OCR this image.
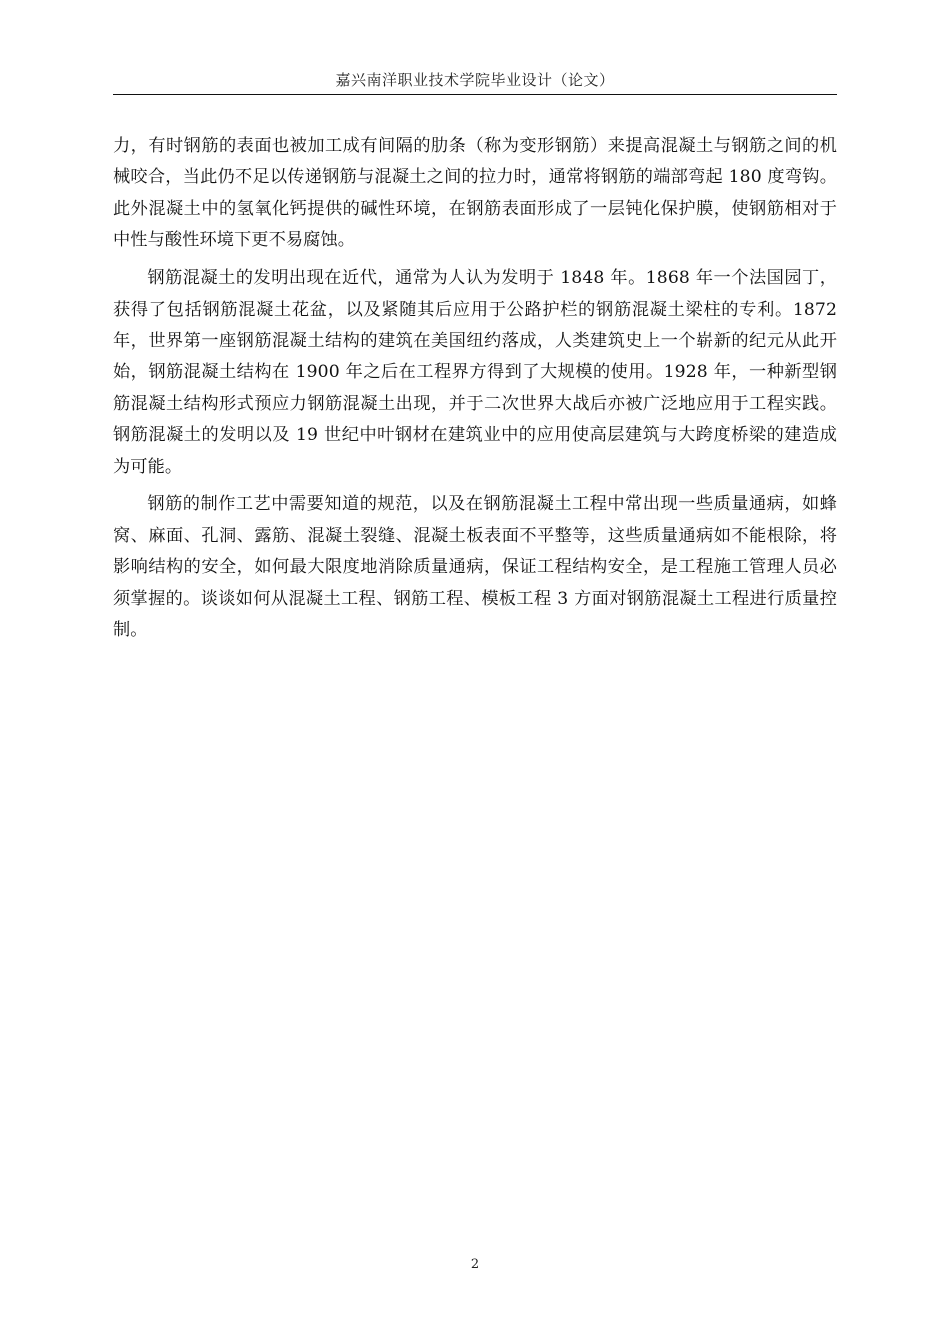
嘉兴南洋职业技术学院毕业设计（论文）

力，有时钢筋的表面也被加工成有间隔的肋条（称为变形钢筋）来提高混凝土与钢筋之间的机械咬合，当此仍不足以传递钢筋与混凝土之间的拉力时，通常将钢筋的端部弯起 180 度弯钩。此外混凝土中的氢氧化钙提供的碱性环境，在钢筋表面形成了一层钝化保护膜，使钢筋相对于中性与酸性环境下更不易腐蚀。

钢筋混凝土的发明出现在近代，通常为人认为发明于 1848 年。1868 年一个法国园丁， 获得了包括钢筋混凝土花盆，以及紧随其后应用于公路护栏的钢筋混凝土梁柱的专利。1872 年，世界第一座钢筋混凝土结构的建筑在美国纽约落成，人类建筑史上一个崭新的纪元从此开始，钢筋混凝土结构在 1900 年之后在工程界方得到了大规模的使用。1928 年，一种新型钢筋混凝土结构形式预应力钢筋混凝土出现，并于二次世界大战后亦被广泛地应用于工程实践。钢筋混凝土的发明以及 19 世纪中叶钢材在建筑业中的应用使高层建筑与大跨度桥梁的建造成为可能。

钢筋的制作工艺中需要知道的规范，以及在钢筋混凝土工程中常出现一些质量通病，如蜂窝、麻面、孔洞、露筋、混凝土裂缝、混凝土板表面不平整等，这些质量通病如不能根除，将影响结构的安全，如何最大限度地消除质量通病，保证工程结构安全，是工程施工管理人员必须掌握的。谈谈如何从混凝土工程、钢筋工程、模板工程 3 方面对钢筋混凝土工程进行质量控制。

2
